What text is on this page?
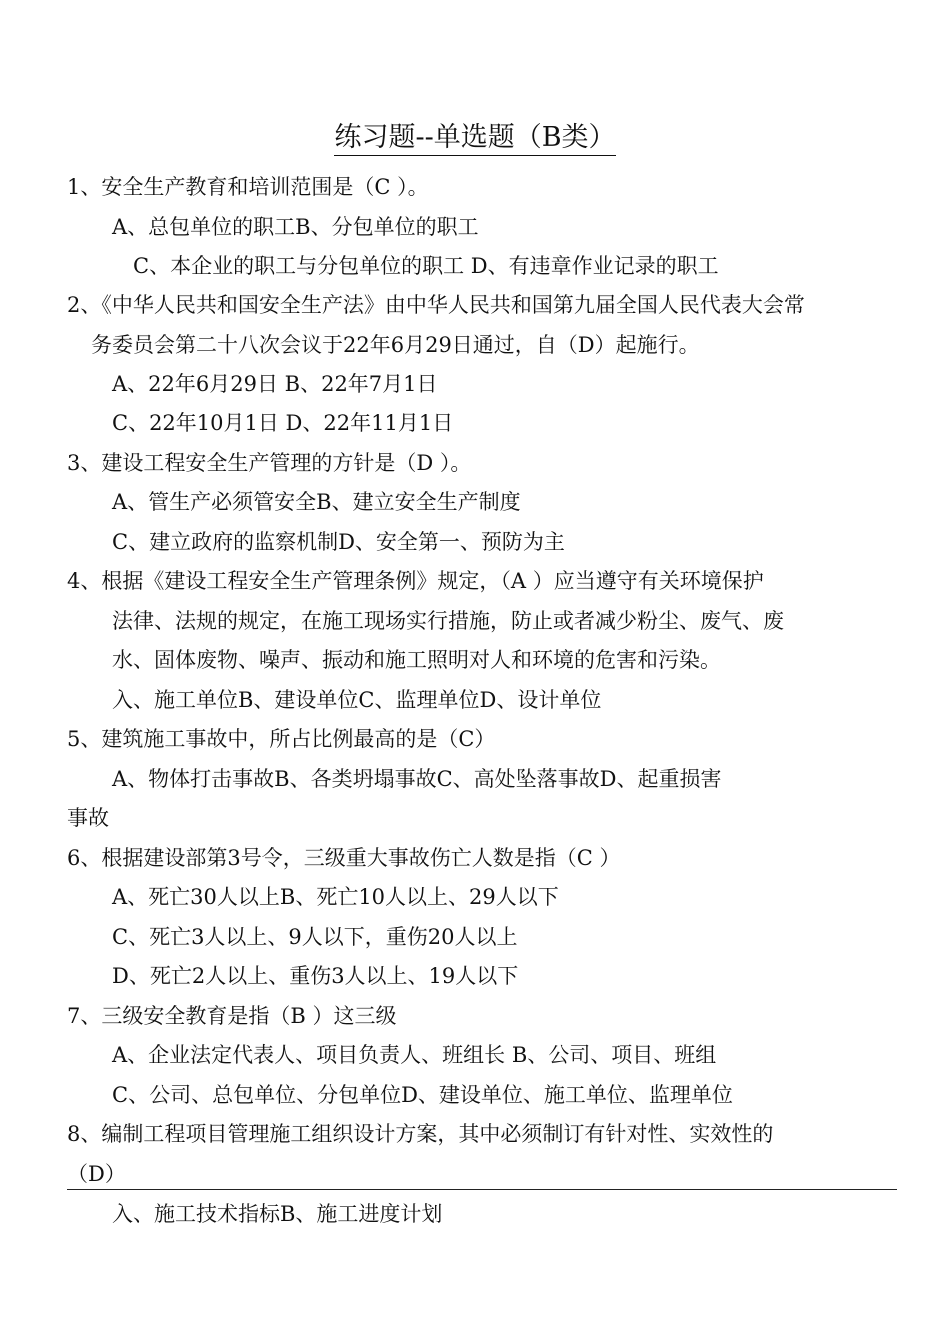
练习题--单选题（B类）
1、安全生产教育和培训范围是（C ）。
A、总包单位的职工B、分包单位的职工
C、本企业的职工与分包单位的职工 D、有违章作业记录的职工
2、《中华人民共和国安全生产法》由中华人民共和国第九届全国人民代表大会常
务委员会第二十八次会议于22年6月29日通过，自（D）起施行。
A、22年6月29日 B、22年7月1日
C、22年10月1日 D、22年11月1日
3、建设工程安全生产管理的方针是（D ）。
A、管生产必须管安全B、建立安全生产制度
C、建立政府的监察机制D、安全第一、预防为主
4、根据《建设工程安全生产管理条例》规定，（A ）应当遵守有关环境保护
法律、法规的规定，在施工现场实行措施，防止或者减少粉尘、废气、废
水、固体废物、噪声、振动和施工照明对人和环境的危害和污染。
入、施工单位B、建设单位C、监理单位D、设计单位
5、建筑施工事故中，所占比例最高的是（C）
A、物体打击事故B、各类坍塌事故C、高处坠落事故D、起重损害
事故
6、根据建设部第3号令，三级重大事故伤亡人数是指（C ）
A、死亡30人以上B、死亡10人以上、29人以下
C、死亡3人以上、9人以下，重伤20人以上
D、死亡2人以上、重伤3人以上、19人以下
7、三级安全教育是指（B ）这三级
A、企业法定代表人、项目负责人、班组长 B、公司、项目、班组
C、公司、总包单位、分包单位D、建设单位、施工单位、监理单位
8、编制工程项目管理施工组织设计方案，其中必须制订有针对性、实效性的
（D）
入、施工技术指标B、施工进度计划
